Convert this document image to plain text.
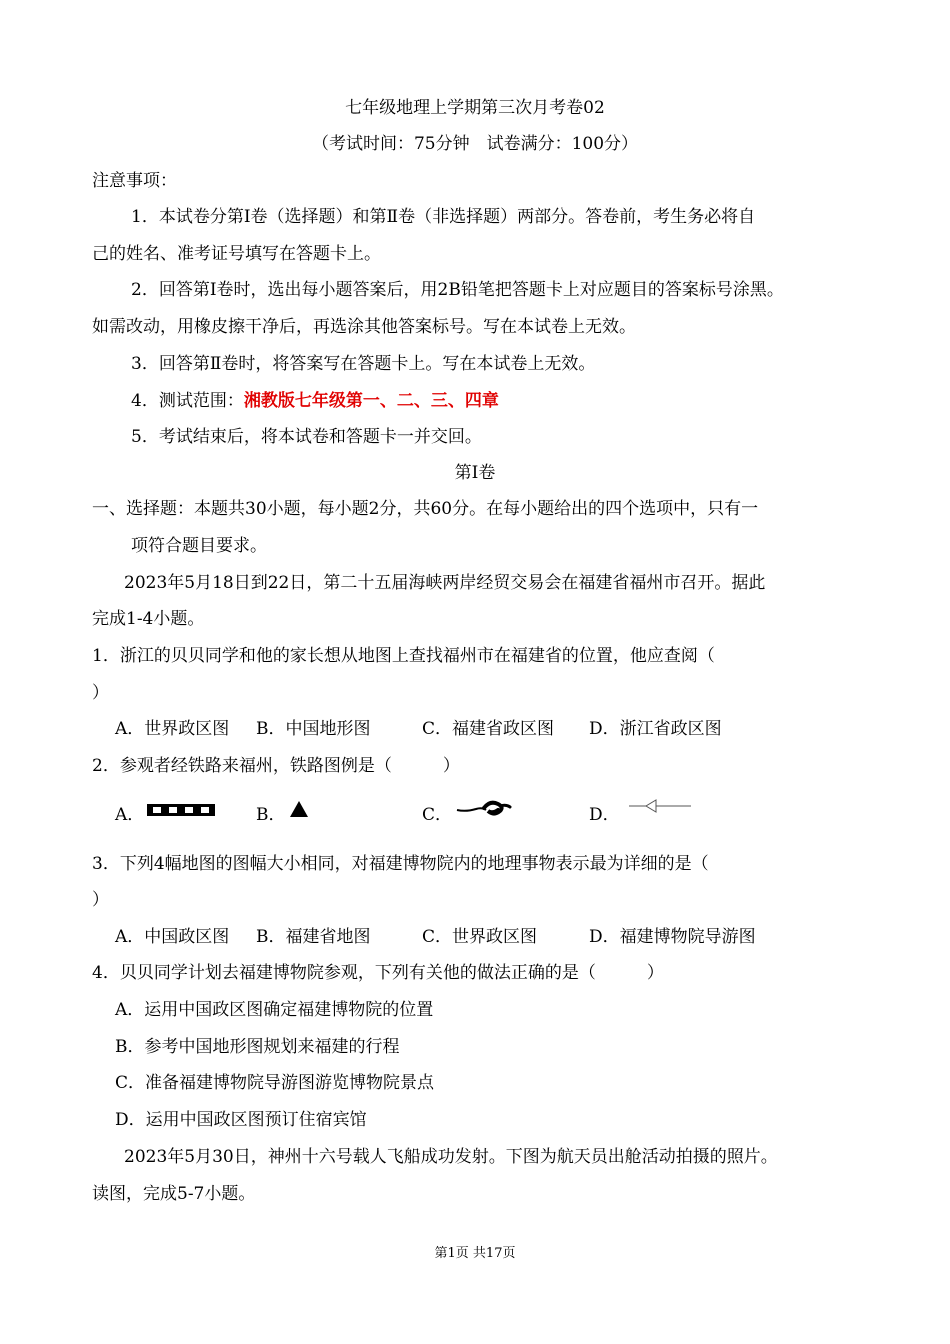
七年级地理上学期第三次月考卷02
（考试时间：75分钟　试卷满分：100分）
注意事项：
1．本试卷分第Ⅰ卷（选择题）和第Ⅱ卷（非选择题）两部分。答卷前，考生务必将自
己的姓名、准考证号填写在答题卡上。
2．回答第Ⅰ卷时，选出每小题答案后，用2B铅笔把答题卡上对应题目的答案标号涂黑。
如需改动，用橡皮擦干净后，再选涂其他答案标号。写在本试卷上无效。
3．回答第Ⅱ卷时，将答案写在答题卡上。写在本试卷上无效。
4．测试范围：湘教版七年级第一、二、三、四章
5．考试结束后，将本试卷和答题卡一并交回。
第Ⅰ卷
一、选择题：本题共30小题，每小题2分，共60分。在每小题给出的四个选项中，只有一
项符合题目要求。
2023年5月18日到22日，第二十五届海峡两岸经贸交易会在福建省福州市召开。据此
完成1-4小题。
1．浙江的贝贝同学和他的家长想从地图上查找福州市在福建省的位置，他应查阅（
）
A．世界政区图 B．中国地形图	C．福建省政区图 D．浙江省政区图
2．参观者经铁路来福州，铁路图例是（　　　）
A．	B．	C．	D．
3．下列4幅地图的图幅大小相同，对福建博物院内的地理事物表示最为详细的是（
）
A．中国政区图 B．福建省地图	C．世界政区图	D．福建博物院导游图
4．贝贝同学计划去福建博物院参观，下列有关他的做法正确的是（　　　）
A．运用中国政区图确定福建博物院的位置
B．参考中国地形图规划来福建的行程
C．准备福建博物院导游图游览博物院景点
D．运用中国政区图预订住宿宾馆
2023年5月30日，神州十六号载人飞船成功发射。下图为航天员出舱活动拍摄的照片。
读图，完成5-7小题。
第1页 共17页
